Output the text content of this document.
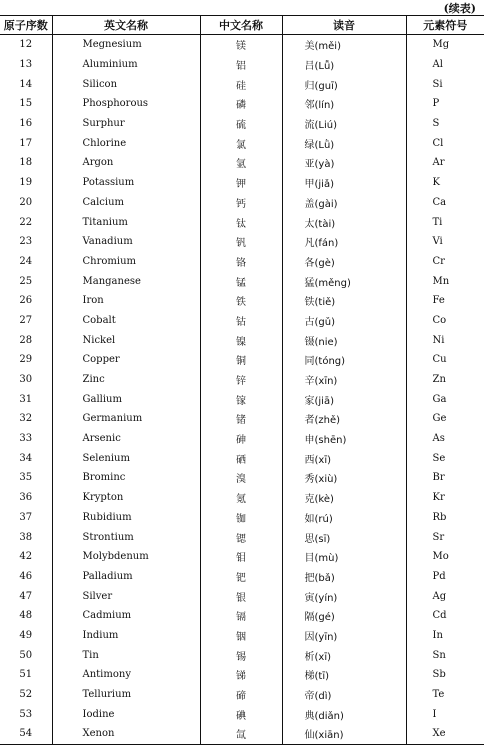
(续表)
原子序数	英文名称	中文名称	读音	元素符号
12	Megnesium	镁	美(měi)	Mg
13	Aluminium	铝	吕(Lǚ)	Al
14	Silicon	硅	归(guī)	Si
15	Phosphorous	磷	邻(lín)	P
16	Surphur	硫	流(Liú)	S
17	Chlorine	氯	绿(Lǜ)	Cl
18	Argon	氩	亚(yà)	Ar
19	Potassium	钾	甲(jiǎ)	K
20	Calcium	钙	盖(gài)	Ca
22	Titanium	钛	太(tài)	Ti
23	Vanadium	钒	凡(fán)	Vi
24	Chromium	铬	各(gè)	Cr
25	Manganese	锰	猛(měng)	Mn
26	Iron	铁	铁(tiě)	Fe
27	Cobalt	钴	古(gǔ)	Co
28	Nickel	镍	镊(nie)	Ni
29	Copper	铜	同(tóng)	Cu
30	Zinc	锌	辛(xīn)	Zn
31	Gallium	镓	家(jiā)	Ga
32	Germanium	锗	者(zhě)	Ge
33	Arsenic	砷	申(shēn)	As
34	Selenium	硒	西(xī)	Se
35	Brominc	溴	秀(xiù)	Br
36	Krypton	氪	克(kè)	Kr
37	Rubidium	铷	如(rú)	Rb
38	Strontium	锶	思(sī)	Sr
42	Molybdenum	钼	目(mù)	Mo
46	Palladium	钯	把(bǎ)	Pd
47	Silver	银	寅(yín)	Ag
48	Cadmium	镉	隔(gé)	Cd
49	Indium	铟	因(yīn)	In
50	Tin	锡	析(xī)	Sn
51	Antimony	锑	梯(tī)	Sb
52	Tellurium	碲	帝(dì)	Te
53	Iodine	碘	典(diǎn)	I
54	Xenon	氙	仙(xiān)	Xe
